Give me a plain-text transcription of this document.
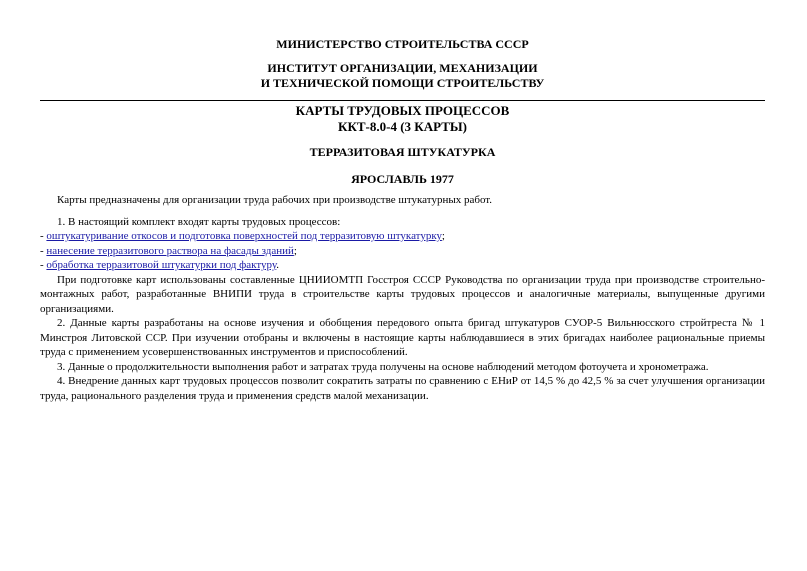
МИНИСТЕРСТВО СТРОИТЕЛЬСТВА СССР
ИНСТИТУТ ОРГАНИЗАЦИИ, МЕХАНИЗАЦИИ
И ТЕХНИЧЕСКОЙ ПОМОЩИ СТРОИТЕЛЬСТВУ
КАРТЫ ТРУДОВЫХ ПРОЦЕССОВ
ККТ-8.0-4 (3 КАРТЫ)
ТЕРРАЗИТОВАЯ ШТУКАТУРКА
ЯРОСЛАВЛЬ 1977

Карты предназначены для организации труда рабочих при производстве штукатурных работ.

1. В настоящий комплект входят карты трудовых процессов:

- оштукатуривание откосов и подготовка поверхностей под терразитовую штукатурку;
- нанесение терразитового раствора на фасады зданий;
- обработка терразитовой штукатурки под фактуру.

При подготовке карт использованы составленные ЦНИИОМТП Госстроя СССР Руководства по организации труда при производстве строительно-монтажных работ, разработанные ВНИПИ труда в строительстве карты трудовых процессов и аналогичные материалы, выпущенные другими организациями.

2. Данные карты разработаны на основе изучения и обобщения передового опыта бригад штукатуров СУОР-5 Вильнюсского стройтреста № 1 Минстроя Литовской ССР. При изучении отобраны и включены в настоящие карты наблюдавшиеся в этих бригадах наиболее рациональные приемы труда с применением усовершенствованных инструментов и приспособлений.

3. Данные о продолжительности выполнения работ и затратах труда получены на основе наблюдений методом фотоучета и хронометража.

4. Внедрение данных карт трудовых процессов позволит сократить затраты по сравнению с ЕНиР от 14,5 % до 42,5 % за счет улучшения организации труда, рационального разделения труда и применения средств малой механизации.
